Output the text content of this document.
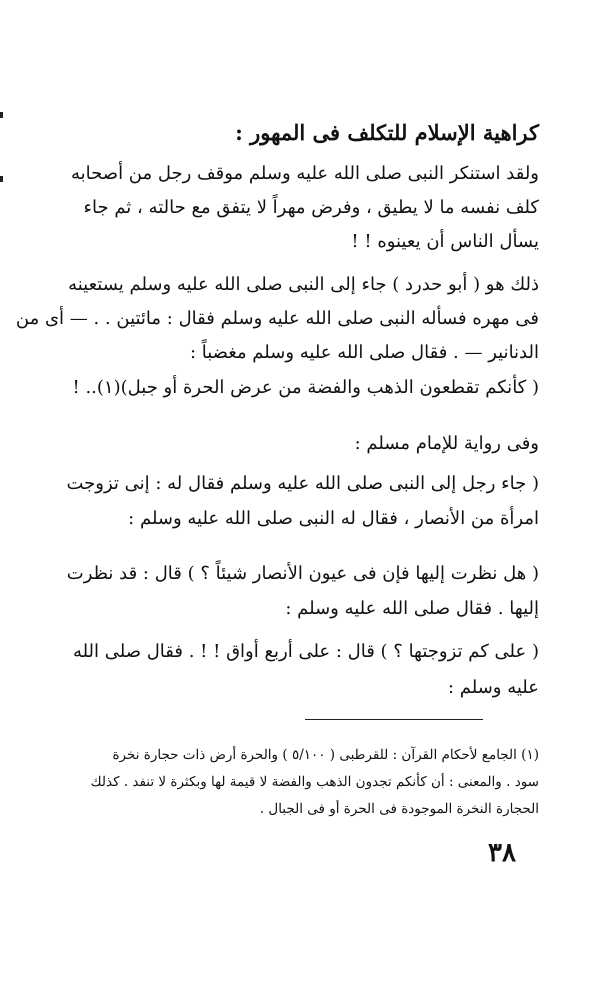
كراهية الإسلام للتكلف فى المهور :

ولقد استنكر النبى صلى الله عليه وسلم موقف رجل من أصحابه

كلف نفسه ما لا يطيق ، وفرض مهراً لا يتفق مع حالته ، ثم جاء

يسأل الناس أن يعينوه ! !

ذلك هو ( أبو حدرد ) جاء إلى النبى صلى الله عليه وسلم يستعينه

فى مهره فسأله النبى صلى الله عليه وسلم فقال : مائتين . . — أى من

الدنانير — . فقال صلى الله عليه وسلم مغضباً :

( كأنكم تقطعون الذهب والفضة من عرض الحرة أو جبل)(١).. !

وفى رواية للإمام مسلم :

( جاء رجل إلى النبى صلى الله عليه وسلم فقال له : إنى تزوجت

امرأة من الأنصار ، فقال له النبى صلى الله عليه وسلم :

( هل نظرت إليها فإن فى عيون الأنصار شيئاً ؟ ) قال : قد نظرت

إليها . فقال صلى الله عليه وسلم :

( على كم تزوجتها ؟ ) قال : على أربع أواق ! ! . فقال صلى الله

عليه وسلم :

(١) الجامع لأحكام القرآن : للقرطبى ( ٥/١٠٠ ) والحرة أرض ذات حجارة نخرة

سود . والمعنى : أن كأنكم تجدون الذهب والفضة لا قيمة لها وبكثرة لا تنفد . كذلك

الحجارة النخرة الموجودة فى الحرة أو فى الجبال .

٣٨
